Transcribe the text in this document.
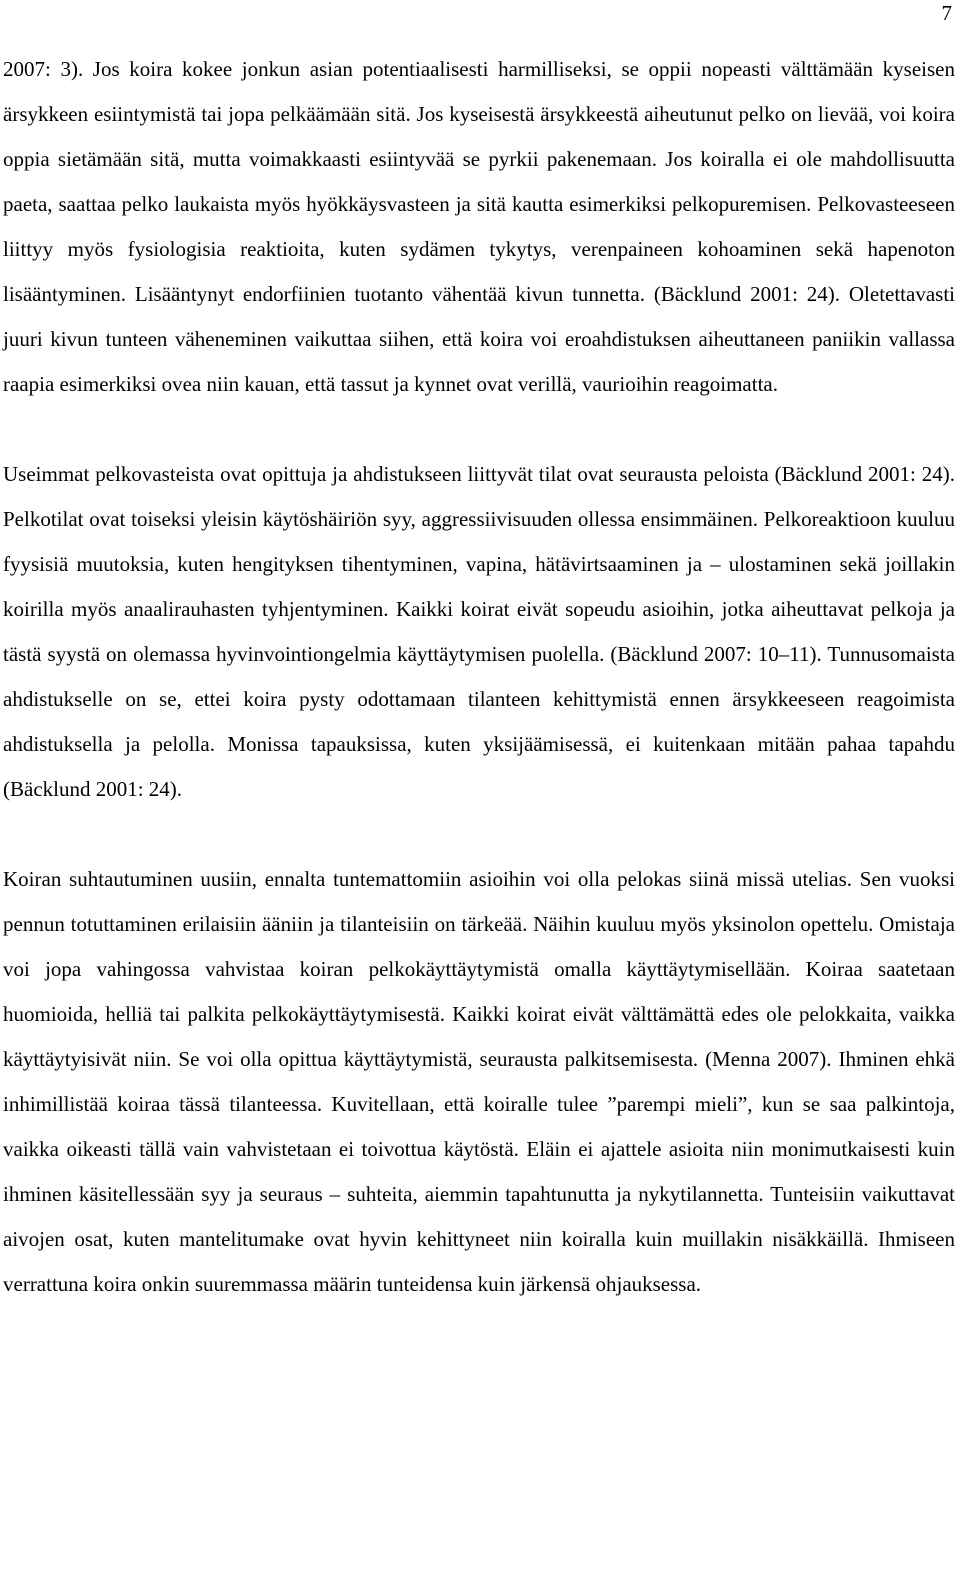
7

2007: 3). Jos koira kokee jonkun asian potentiaalisesti harmilliseksi, se oppii nopeasti välttämään kyseisen ärsykkeen esiintymistä tai jopa pelkäämään sitä. Jos kyseisestä ärsykkeestä aiheutunut pelko on lievää, voi koira oppia sietämään sitä, mutta voimakkaasti esiintyvää se pyrkii pakenemaan. Jos koiralla ei ole mahdollisuutta paeta, saattaa pelko laukaista myös hyökkäysvasteen ja sitä kautta esimerkiksi pelkopuremisen. Pelkovasteeseen liittyy myös fysiologisia reaktioita, kuten sydämen tykytys, verenpaineen kohoaminen sekä hapenoton lisääntyminen. Lisääntynyt endorfiinien tuotanto vähentää kivun tunnetta. (Bäcklund 2001: 24). Oletettavasti juuri kivun tunteen väheneminen vaikuttaa siihen, että koira voi eroahdistuksen aiheuttaneen paniikin vallassa raapia esimerkiksi ovea niin kauan, että tassut ja kynnet ovat verillä, vaurioihin reagoimatta.

Useimmat pelkovasteista ovat opittuja ja ahdistukseen liittyvät tilat ovat seurausta peloista (Bäcklund 2001: 24). Pelkotilat ovat toiseksi yleisin käytöshäiriön syy, aggressiivisuuden ollessa ensimmäinen. Pelkoreaktioon kuuluu fyysisiä muutoksia, kuten hengityksen tihentyminen, vapina, hätävirtsaaminen ja – ulostaminen sekä joillakin koirilla myös anaalirauhasten tyhjentyminen. Kaikki koirat eivät sopeudu asioihin, jotka aiheuttavat pelkoja ja tästä syystä on olemassa hyvinvointiongelmia käyttäytymisen puolella. (Bäcklund 2007: 10–11). Tunnusomaista ahdistukselle on se, ettei koira pysty odottamaan tilanteen kehittymistä ennen ärsykkeeseen reagoimista ahdistuksella ja pelolla. Monissa tapauksissa, kuten yksijäämisessä, ei kuitenkaan mitään pahaa tapahdu (Bäcklund 2001: 24).

Koiran suhtautuminen uusiin, ennalta tuntemattomiin asioihin voi olla pelokas siinä missä utelias. Sen vuoksi pennun totuttaminen erilaisiin ääniin ja tilanteisiin on tärkeää. Näihin kuuluu myös yksinolon opettelu. Omistaja voi jopa vahingossa vahvistaa koiran pelkokäyttäytymistä omalla käyttäytymisellään. Koiraa saatetaan huomioida, helliä tai palkita pelkokäyttäytymisestä. Kaikki koirat eivät välttämättä edes ole pelokkaita, vaikka käyttäytyisivät niin. Se voi olla opittua käyttäytymistä, seurausta palkitsemisesta. (Menna 2007). Ihminen ehkä inhimillistää koiraa tässä tilanteessa. Kuvitellaan, että koiralle tulee ”parempi mieli”, kun se saa palkintoja, vaikka oikeasti tällä vain vahvistetaan ei toivottua käytöstä. Eläin ei ajattele asioita niin monimutkaisesti kuin ihminen käsitellessään syy ja seuraus – suhteita, aiemmin tapahtunutta ja nykytilannetta. Tunteisiin vaikuttavat aivojen osat, kuten mantelitumake ovat hyvin kehittyneet niin koiralla kuin muillakin nisäkkäillä. Ihmiseen verrattuna koira onkin suuremmassa määrin tunteidensa kuin järkensä ohjauksessa.
